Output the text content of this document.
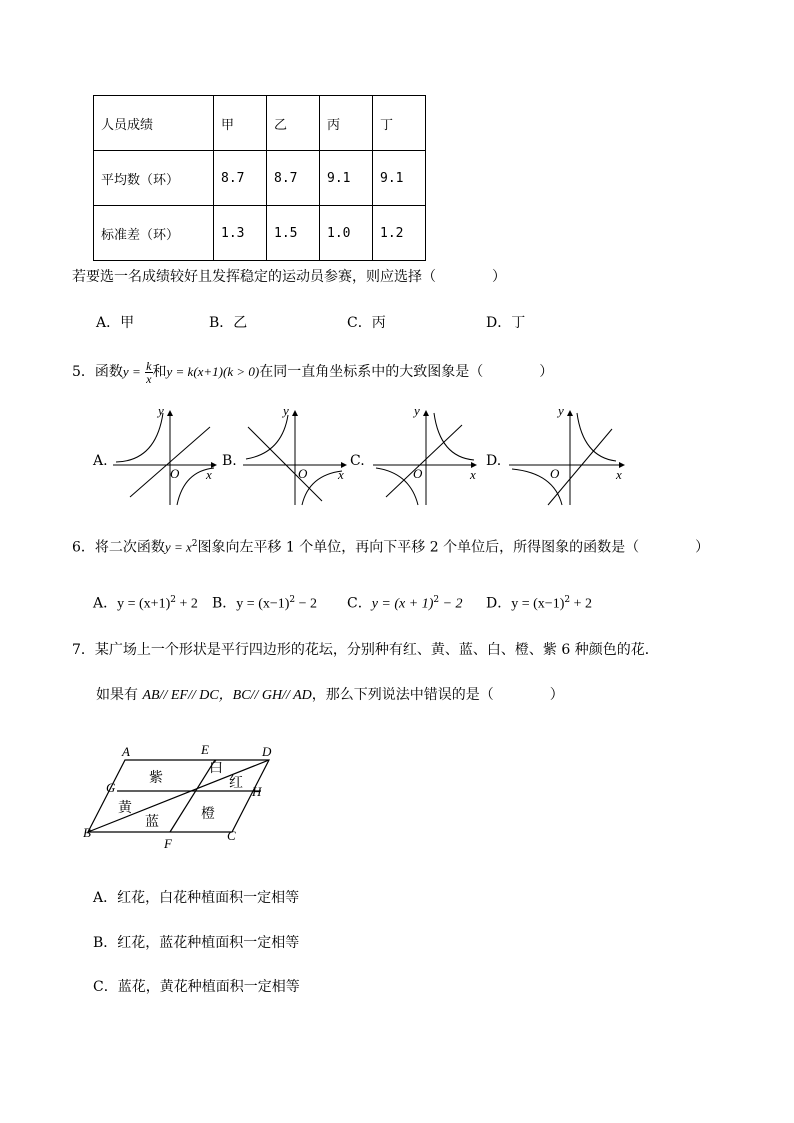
人员成绩	甲	乙	丙	丁
平均数（环）	8.7	8.7	9.1	9.1
标准差（环）	1.3	1.5	1.0	1.2
若要选一名成绩较好且发挥稳定的运动员参赛，则应选择（　　　　）
A．甲	B．乙	C．丙	D．丁
5．函数$y = \frac{k}{x}$ 和y = k(x+1)(k > 0)在同一直角坐标系中的大致图象是（　　　　）
A.	B.	C.	D.
y
x
O
y
x
O
y
x
O
y
x
O
6．将二次函数$y = x^2$图象向左平移 1 个单位，再向下平移 2 个单位后，所得图象的函数是（　　　　）
A．$y = (x+1)^2 + 2$ B．$y = (x-1)^2 - 2$ C．$y = (x + 1)^2 - 2$ D．$y = (x-1)^2 + 2$
7．某广场上一个形状是平行四边形的花坛，分别种有红、黄、蓝、白、橙、紫 6 种颜色的花．
如果有 AB// EF// DC，BC// GH// AD，那么下列说法中错误的是（　　　　）
A	E	D
G	H
B
F
C
紫
白
红
黄
蓝
橙
A．红花，白花种植面积一定相等
B．红花，蓝花种植面积一定相等
C．蓝花，黄花种植面积一定相等
